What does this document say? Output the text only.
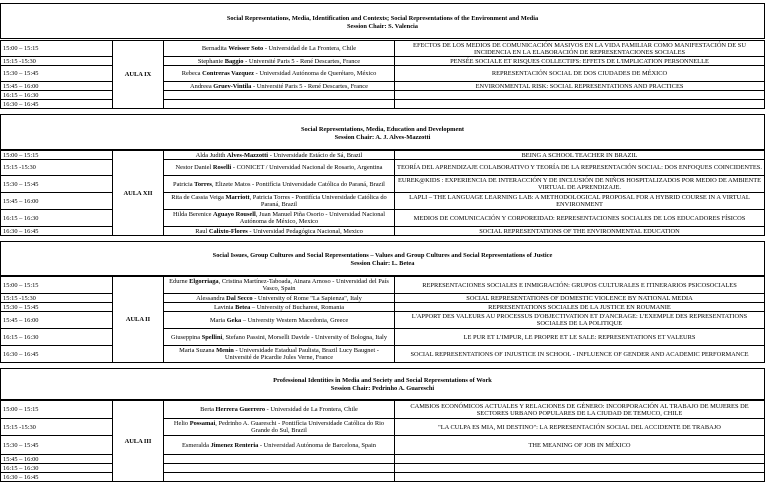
Social Representations, Media, Identification and Contexts; Social Representations of the Environment and Media
Session Chair: S. Valencia
15:00 – 15:15	AULA IX	Bernadita Weisser Soto - Universidad de La Frontera, Chile	EFECTOS DE LOS MEDIOS DE COMUNICACIÓN MASIVOS EN LA VIDA FAMILIAR COMO MANIFESTACIÓN DE SU INCIDENCIA EN LA ELABORACIÓN DE REPRESENTACIONES SOCIALES
15:15 -15:30		Stephanie Baggio - Université Paris 5 - René Descartes, France	PENSÉE SOCIALE ET RISQUES COLLECTIFS: EFFETS DE L'IMPLICATION PERSONNELLE
15:30 – 15:45		Rebeca Contreras Vazquez - Universidad Autónoma de Querétaro, México	REPRESENTACIÓN SOCIAL DE DOS CIUDADES DE MÉXICO
15:45 – 16:00		Andreea Gruev-Vintila - Université Paris 5 - René Descartes, France	ENVIRONMENTAL RISK: SOCIAL REPRESENTATIONS AND PRACTICES
16:15 – 16:30			
16:30 – 16:45			
Social Representations, Media, Education and Development
Session Chair: A. J. Alves-Mazzotti
15:00 – 15:15	AULA XII	Alda Judith Alves-Mazzotti - Universidade Estácio de Sá, Brazil	BEING A SCHOOL TEACHER IN BRAZIL
15:15 -15:30		Nestor Daniel Roselli - CONICET / Universidad Nacional de Rosario, Argentina	TEORÍA DEL APRENDIZAJE COLABORATIVO Y TEORÍA DE LA REPRESENTACIÓN SOCIAL: DOS ENFOQUES COINCIDENTES.
15:30 – 15:45		Patricia Torres, Elizete Matos - Pontifícia Universidade Católica do Paraná, Brazil	EUREK@KIDS : EXPERIENCIA DE INTERACCIÓN Y DE INCLUSIÓN DE NIÑOS HOSPITALIZADOS POR MEDIO DE AMBIENTE VIRTUAL DE APRENDIZAJE.
15:45 – 16:00		Rita de Cassia Veiga Marriott, Patricia Torres - Pontifícia Universidade Católica do Paraná, Brazil	LAPLI – THE LANGUAGE LEARNING LAB: A METHODOLOGICAL PROPOSAL FOR A HYBRID COURSE IN A VIRTUAL ENVIRONMENT
16:15 – 16:30		Hilda Berenice Aguayo Rousell, Juan Manuel Piña Osorio - Universidad Nacional Autónoma de México, Mexico	MEDIOS DE COMUNICACIÓN Y CORPOREIDAD: REPRESENTACIONES SOCIALES DE LOS EDUCADORES FÍSICOS
16:30 – 16:45		Raul Calixto-Flores - Universidad Pedagógica Nacional, Mexico	SOCIAL REPRESENTATIONS OF THE ENVIRONMENTAL EDUCATION
Social Issues, Group Cultures and Social Representations – Values and Group Cultures and Social Representations of Justice
Session Chair: L. Betea
15:00 – 15:15	AULA II	Edurne Elgorriaga, Cristina Martínez-Taboada, Ainara Arnoso - Universidad del País Vasco, Spain	REPRESENTACIONES SOCIALES E INMIGRACIÓN: GRUPOS CULTURALES E ITINERARIOS PSICOSOCIALES
15:15 -15:30		Alessandra Dal Secco - University of Rome "La Sapienza", Italy	SOCIAL REPRESENTATIONS OF DOMESTIC VIOLENCE BY NATIONAL MEDIA
15:30 – 15:45		Lavinia Betea – University of Bucharest, Romania	REPRESENTATIONS SOCIALES DE LA JUSTICE EN ROUMANIE
15:45 – 16:00		Maria Geka – University Western Macedonia, Greece	L'APPORT DES VALEURS AU PROCESSUS D'OBJECTIVATION ET D'ANCRAGE: L'EXEMPLE DES REPRESENTATIONS SOCIALES DE LA POLITIQUE
16:15 – 16:30		Giuseppina Spellini, Stefano Passini, Morselli Davide - University of Bologna, Italy	LE PUR ET L'IMPUR, LE PROPRE ET LE SALE: REPRESENTATIONS ET VALEURS
16:30 – 16:45		Maria Suzana Menin - Universidade Estadual Paulista, Brazil Lucy Baugnet - Université de Picardie Jules Verne, France	SOCIAL REPRESENTATIONS OF INJUSTICE IN SCHOOL - INFLUENCE OF GENDER AND ACADEMIC PERFORMANCE
Professional Identities in Media and Society and Social Representations of Work
Session Chair: Pedrinho A. Guareschi
15:00 – 15:15	AULA III	Berta Herrera Guerrero - Universidad de La Frontera, Chile	CAMBIOS ECONÓMICOS ACTUALES Y RELACIONES DE GÉNERO: INCORPORACIÓN AL TRABAJO DE MUJERES DE SECTORES URBANO POPULARES DE LA CIUDAD DE TEMUCO, CHILE
15:15 -15:30		Helio Possamai, Pedrinho A. Guareschi - Pontifícia Universidade Católica do Rio Grande do Sul, Brazil	"LA CULPA ES MIA, MI DESTINO": LA REPRESENTACIÓN SOCIAL DEL ACCIDENTE DE TRABAJO
15:30 – 15:45		Esmeralda Jimenez Renteria - Universidad Autónoma de Barcelona, Spain	THE MEANING OF JOB IN MÉXICO
15:45 – 16:00			
16:15 – 16:30			
16:30 – 16:45			
